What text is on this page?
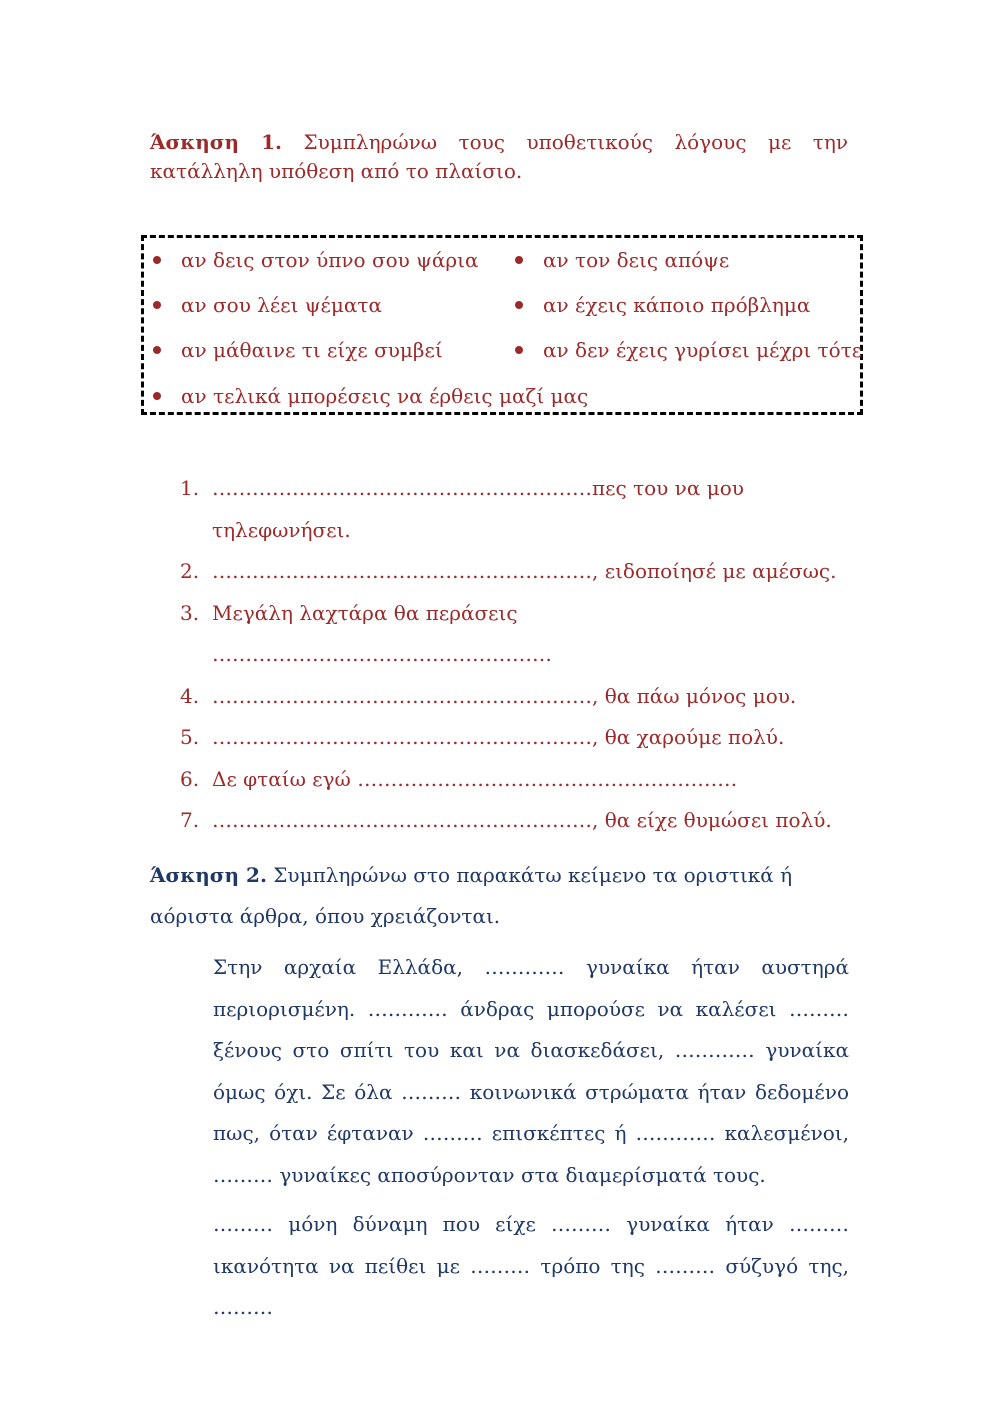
Άσκηση 1. Συμπληρώνω τους υποθετικούς λόγους με την κατάλληλη υπόθεση από το πλαίσιο.
αν δεις στον ύπνο σου ψάρια	αν τον δεις απόψε
αν σου λέει ψέματα	αν έχεις κάποιο πρόβλημα
αν μάθαινε τι είχε συμβεί	αν δεν έχεις γυρίσει μέχρι τότε
αν τελικά μπορέσεις να έρθεις μαζί μας
1. …………………………………………………πες του να μου τηλεφωνήσει.
2. …………………………………………………, ειδοποίησέ με αμέσως.
3. Μεγάλη λαχτάρα θα περάσεις ……………………………………………
4. …………………………………………………, θα πάω μόνος μου.
5. …………………………………………………, θα χαρούμε πολύ.
6. Δε φταίω εγώ …………………………………………………
7. …………………………………………………, θα είχε θυμώσει πολύ.
Άσκηση 2. Συμπληρώνω στο παρακάτω κείμενο τα οριστικά ή αόριστα άρθρα, όπου χρειάζονται.
Στην αρχαία Ελλάδα, ………… γυναίκα ήταν αυστηρά περιορισμένη. ………… άνδρας μπορούσε να καλέσει ……… ξένους στο σπίτι του και να διασκεδάσει, ………… γυναίκα όμως όχι. Σε όλα ……… κοινωνικά στρώματα ήταν δεδομένο πως, όταν έφταναν ……… επισκέπτες ή ………… καλεσμένοι, ……… γυναίκες αποσύρονταν στα διαμερίσματά τους.
……… μόνη δύναμη που είχε ……… γυναίκα ήταν ……… ικανότητα να πείθει με ……… τρόπο της ……… σύζυγό της, ………
